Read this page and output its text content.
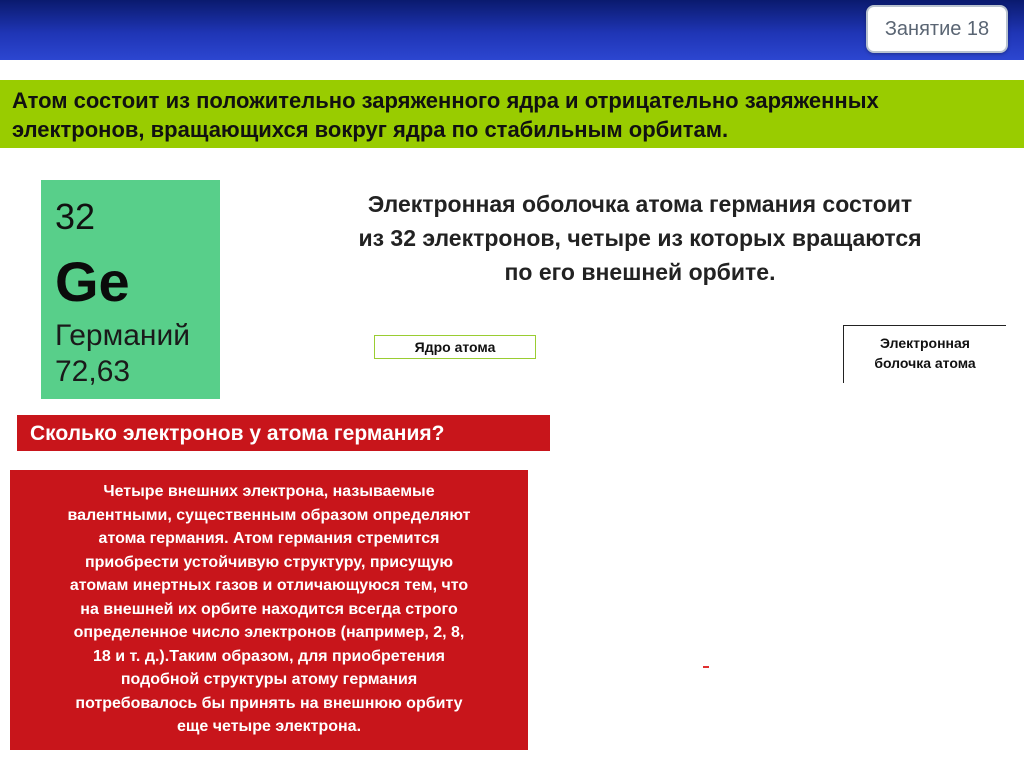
Занятие 18
Атом состоит из положительно заряженного ядра и отрицательно заряженных
электронов, вращающихся вокруг ядра по стабильным орбитам.
32
Ge
Германий
72,63
Электронная оболочка атома германия состоит
из 32 электронов, четыре из которых вращаются
по его внешней орбите.
Ядро атома	Электронная
болочка атома
Сколько электронов у атома германия?
Четыре внешних электрона, называемые
валентными, существенным образом определяют
атома германия. Атом германия стремится
приобрести устойчивую структуру, присущую
атомам инертных газов и отличающуюся тем, что
на внешней их орбите находится всегда строго
определенное число электронов (например, 2, 8,
18 и т. д.).Таким образом, для приобретения
подобной структуры атому германия
потребовалось бы принять на внешнюю орбиту
еще четыре электрона.
